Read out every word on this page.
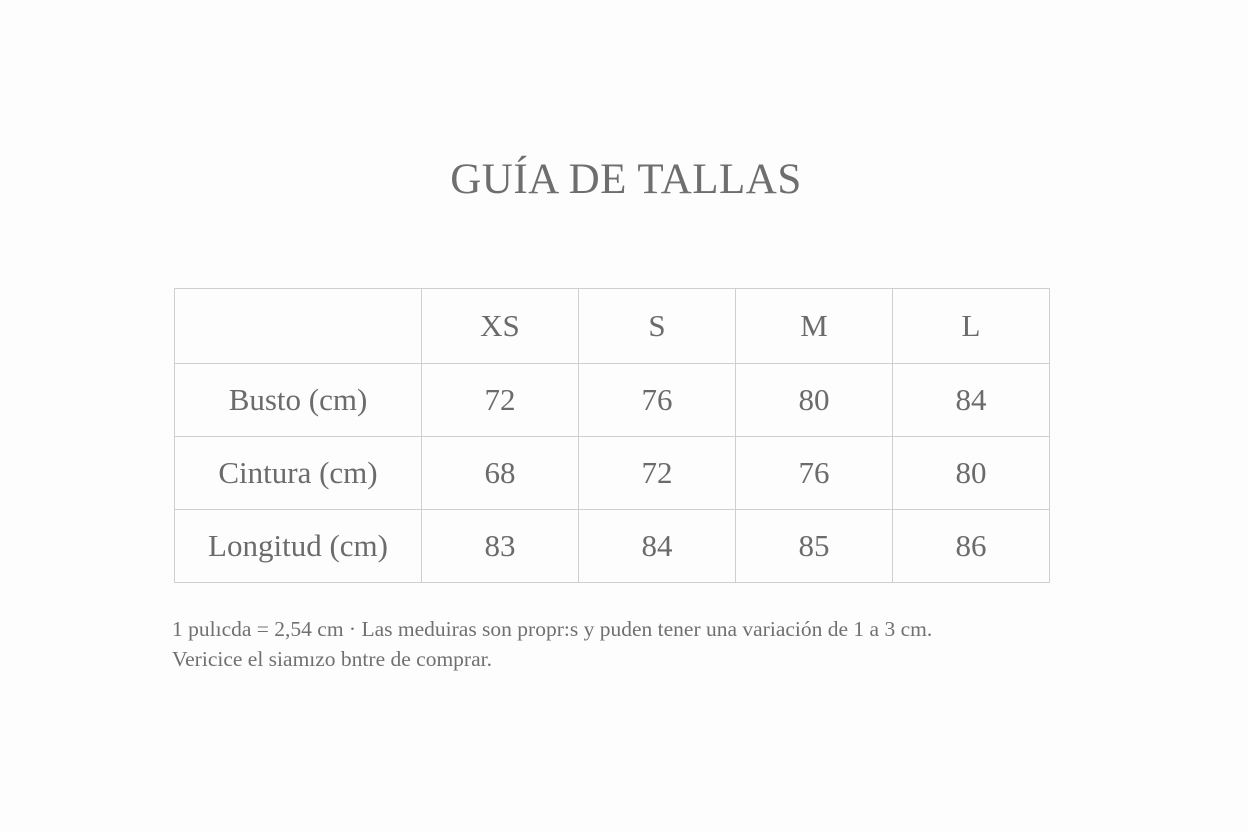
GUÍA DE TALLAS
	XS	S	M	L
Busto (cm)	72	76	80	84
Cintura (cm)	68	72	76	80
Longitud (cm)	83	84	85	86
1 pulıcda = 2,54 cm · Las meduiras son propr:s y puden tener una variación de 1 a 3 cm.
Vericice el siamızo bntre de comprar.
